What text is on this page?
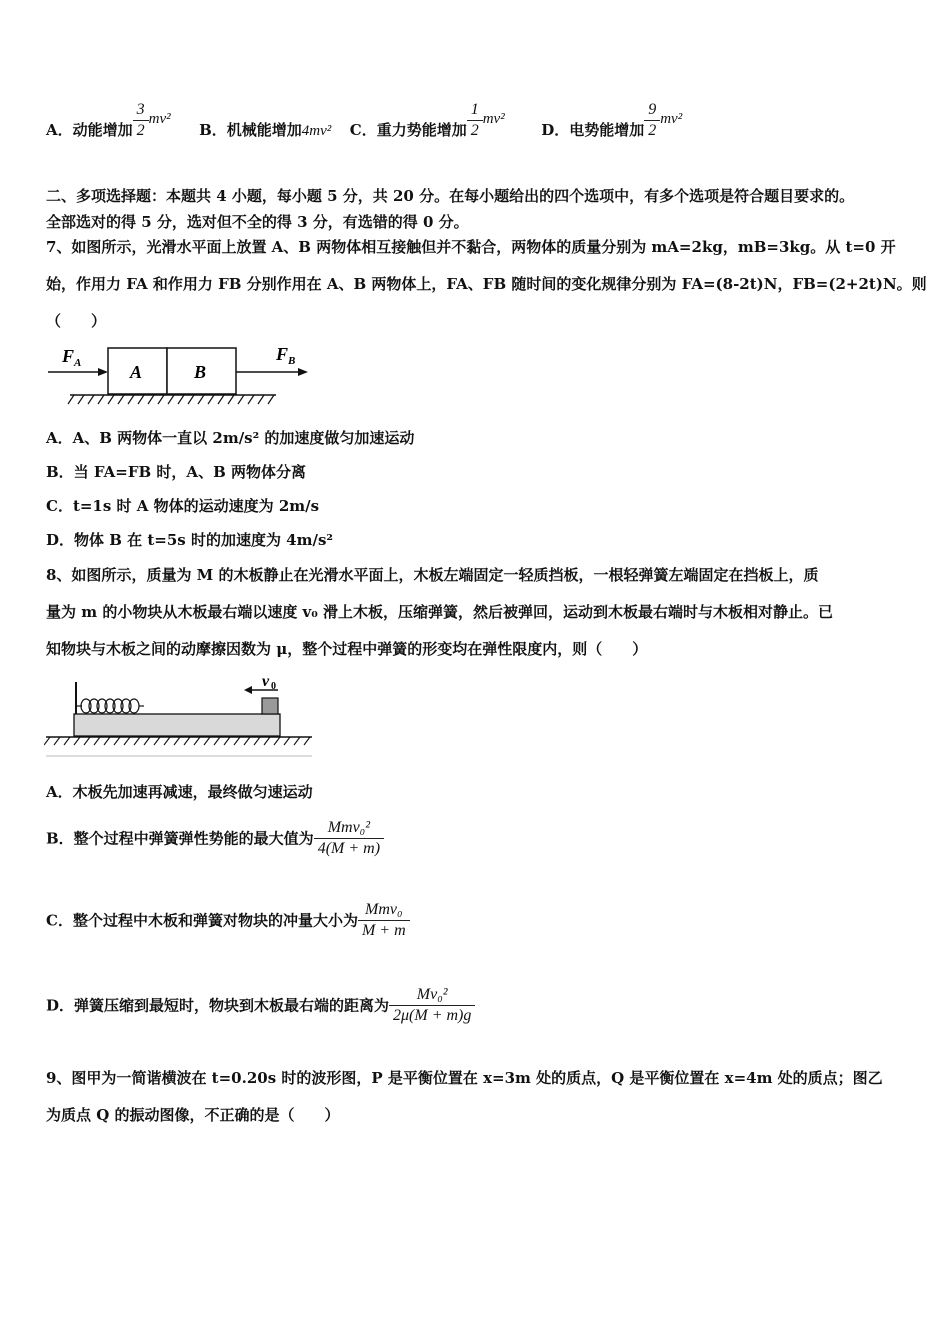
A．动能增加 $\frac{3}{2} mv^2$  B．机械能增加4mv² C．重力势能增加 $\frac{1}{2} mv^2$  D．电势能增加 $\frac{9}{2} mv^2$
二、多项选择题：本题共 4 小题，每小题 5 分，共 20 分。在每小题给出的四个选项中，有多个选项是符合题目要求的。
全部选对的得 5 分，选对但不全的得 3 分，有选错的得 0 分。
7、如图所示，光滑水平面上放置 A、B 两物体相互接触但并不黏合，两物体的质量分别为 mA=2kg，mB=3kg。从 t=0 开
始，作用力 FA 和作用力 FB 分别作用在 A、B 两物体上，FA、FB 随时间的变化规律分别为 FA=(8-2t)N，FB=(2+2t)N。则
（　　）
F A	A	B
F B
A．A、B 两物体一直以 2m/s² 的加速度做匀加速运动
B．当 FA=FB 时，A、B 两物体分离
C．t=1s 时 A 物体的运动速度为 2m/s
D．物体 B 在 t=5s 时的加速度为 4m/s²
8、如图所示，质量为 M 的木板静止在光滑水平面上，木板左端固定一轻质挡板，一根轻弹簧左端固定在挡板上，质
量为 m 的小物块从木板最右端以速度 v₀ 滑上木板，压缩弹簧，然后被弹回，运动到木板最右端时与木板相对静止。已
知物块与木板之间的动摩擦因数为 μ，整个过程中弹簧的形变均在弹性限度内，则（　　）
v 0
A．木板先加速再减速，最终做匀速运动
B．整个过程中弹簧弹性势能的最大值为 $\frac{\text{Mmv₀²}}{4(M + m)}$
C．整个过程中木板和弹簧对物块的冲量大小为 $\frac{\text{Mmv₀}}{M + m}$
D．弹簧压缩到最短时，物块到木板最右端的距离为 $\frac{\text{Mv₀²}}{2\mu(M + m)g}$
9、图甲为一简谐横波在 t=0.20s 时的波形图，P 是平衡位置在 x=3m 处的质点，Q 是平衡位置在 x=4m 处的质点；图乙
为质点 Q 的振动图像，不正确的是（　　）
